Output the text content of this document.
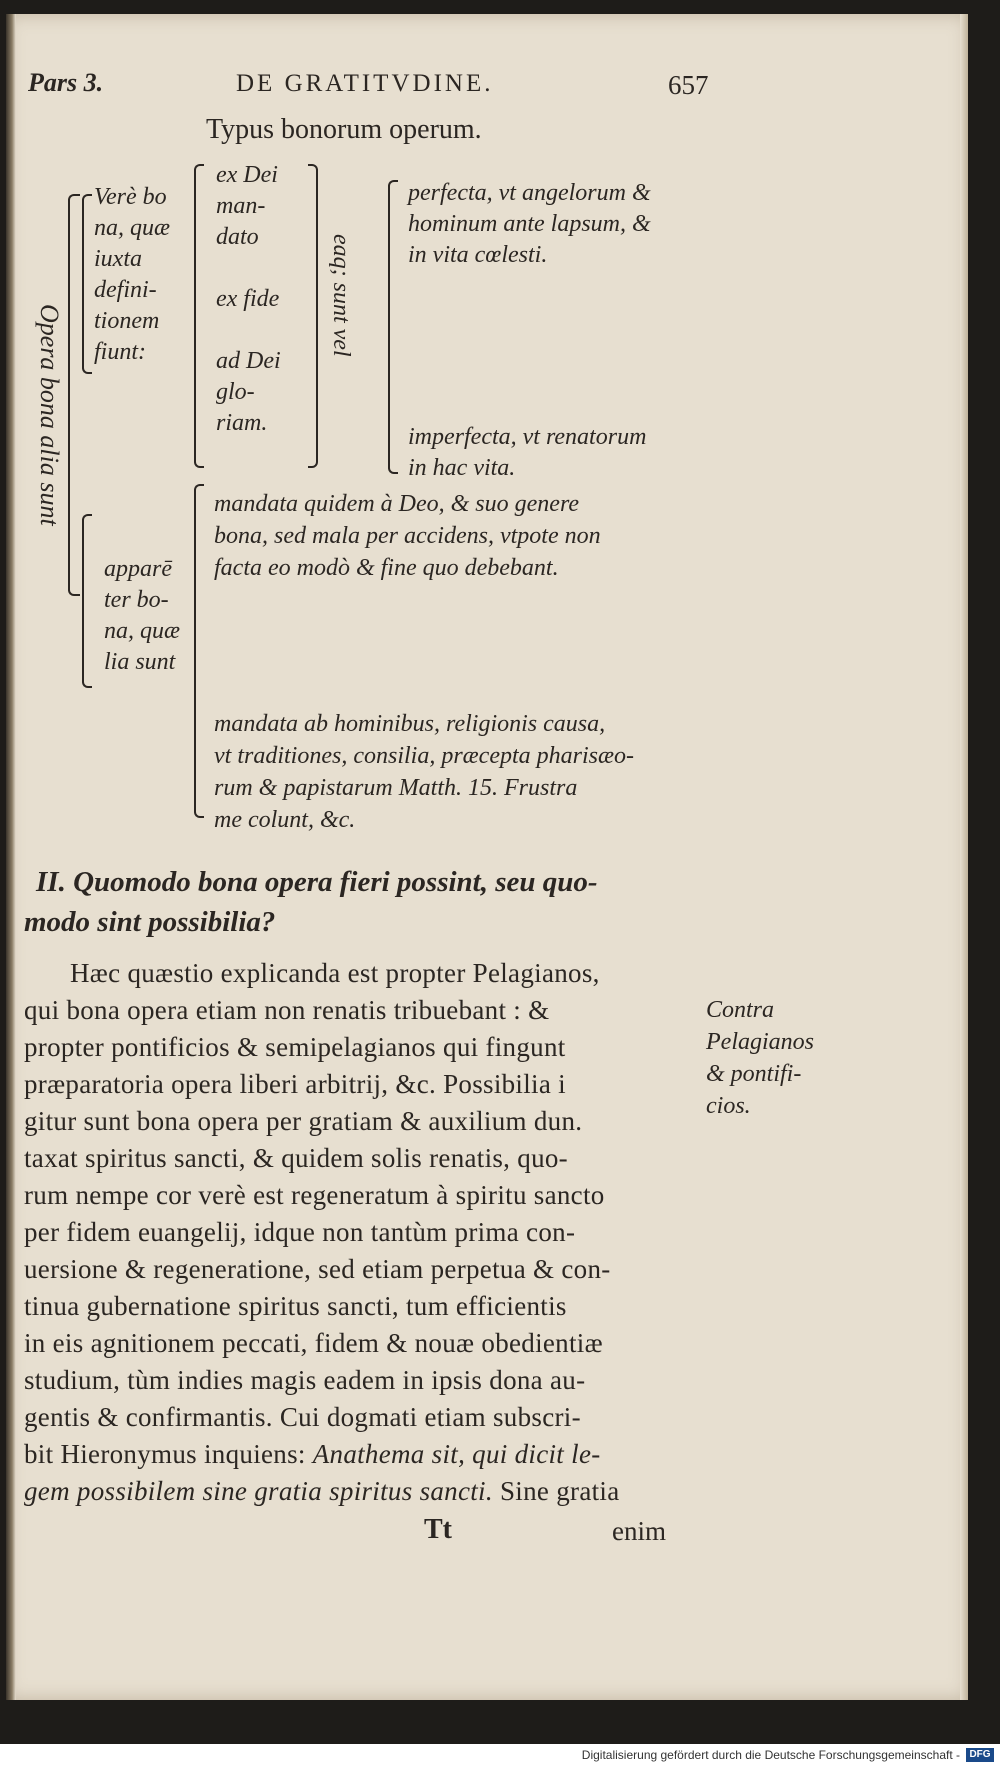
Pars 3.	DE GRATITVDINE.	657
Typus bonorum operum.
Opera bona alia sunt
Verè bo
na, quæ
iuxta
defini-
tionem
fiunt:
ex Dei
man-
dato
ex fide
ad Dei
glo-
riam.
eaq; sunt vel
perfecta, vt angelorum &
hominum ante lapsum, &
in vita cœlesti.
imperfecta, vt renatorum
in hac vita.
apparē
ter bo-
na, quæ
lia sunt
mandata quidem à Deo, & suo genere
bona, sed mala per accidens, vtpote non
facta eo modò & fine quo debebant.
mandata ab hominibus, religionis causa,
vt traditiones, consilia, præcepta pharisæo-
rum & papistarum Matth. 15. Frustra
me colunt, &c.
II. Quomodo bona opera fieri possint, seu quo-
modo sint possibilia?
Hæc quæstio explicanda est propter Pelagianos,
qui bona opera etiam non renatis tribuebant : &
propter pontificios & semipelagianos qui fingunt
præparatoria opera liberi arbitrij, &c. Possibilia i
gitur sunt bona opera per gratiam & auxilium dun.
taxat spiritus sancti, & quidem solis renatis, quo-
rum nempe cor verè est regeneratum à spiritu sancto
per fidem euangelij, idque non tantùm prima con-
uersione & regeneratione, sed etiam perpetua & con-
tinua gubernatione spiritus sancti, tum efficientis
in eis agnitionem peccati, fidem & nouæ obedientiæ
studium, tùm indies magis eadem in ipsis dona au-
gentis & confirmantis. Cui dogmati etiam subscri-
bit Hieronymus inquiens: Anathema sit, qui dicit le-
gem possibilem sine gratia spiritus sancti. Sine gratia
Contra
Pelagianos
& pontifi-
cios.
Tt	enim
Digitalisierung gefördert durch die Deutsche Forschungsgemeinschaft - DFG
